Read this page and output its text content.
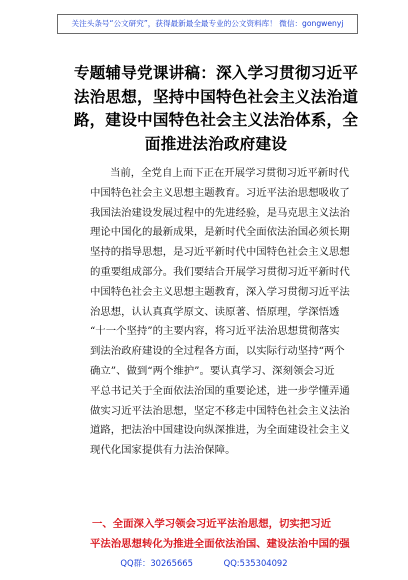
关注头条号“公文研究”，获得最新最全最专业的公文资料库！ 微信：gongwenyj
专题辅导党课讲稿：深入学习贯彻习近平
法治思想，坚持中国特色社会主义法治道
路，建设中国特色社会主义法治体系，全
面推进法治政府建设
当前，全党自上而下正在开展学习贯彻习近平新时代
中国特色社会主义思想主题教育。习近平法治思想吸收了
我国法治建设发展过程中的先进经验，是马克思主义法治
理论中国化的最新成果，是新时代全面依法治国必须长期
坚持的指导思想，是习近平新时代中国特色社会主义思想
的重要组成部分。我们要结合开展学习贯彻习近平新时代
中国特色社会主义思想主题教育，深入学习贯彻习近平法
治思想，认认真真学原文、读原著、悟原理，学深悟透
“十一个坚持”的主要内容，将习近平法治思想贯彻落实
到法治政府建设的全过程各方面，以实际行动坚持“两个
确立”、做到“两个维护”。要认真学习、深刻领会习近
平总书记关于全面依法治国的重要论述，进一步学懂弄通
做实习近平法治思想，坚定不移走中国特色社会主义法治
道路，把法治中国建设向纵深推进，为全面建设社会主义
现代化国家提供有力法治保障。
一、全面深入学习领会习近平法治思想，切实把习近
平法治思想转化为推进全面依法治国、建设法治中国的强
QQ群：30265665	QQ:535304092
